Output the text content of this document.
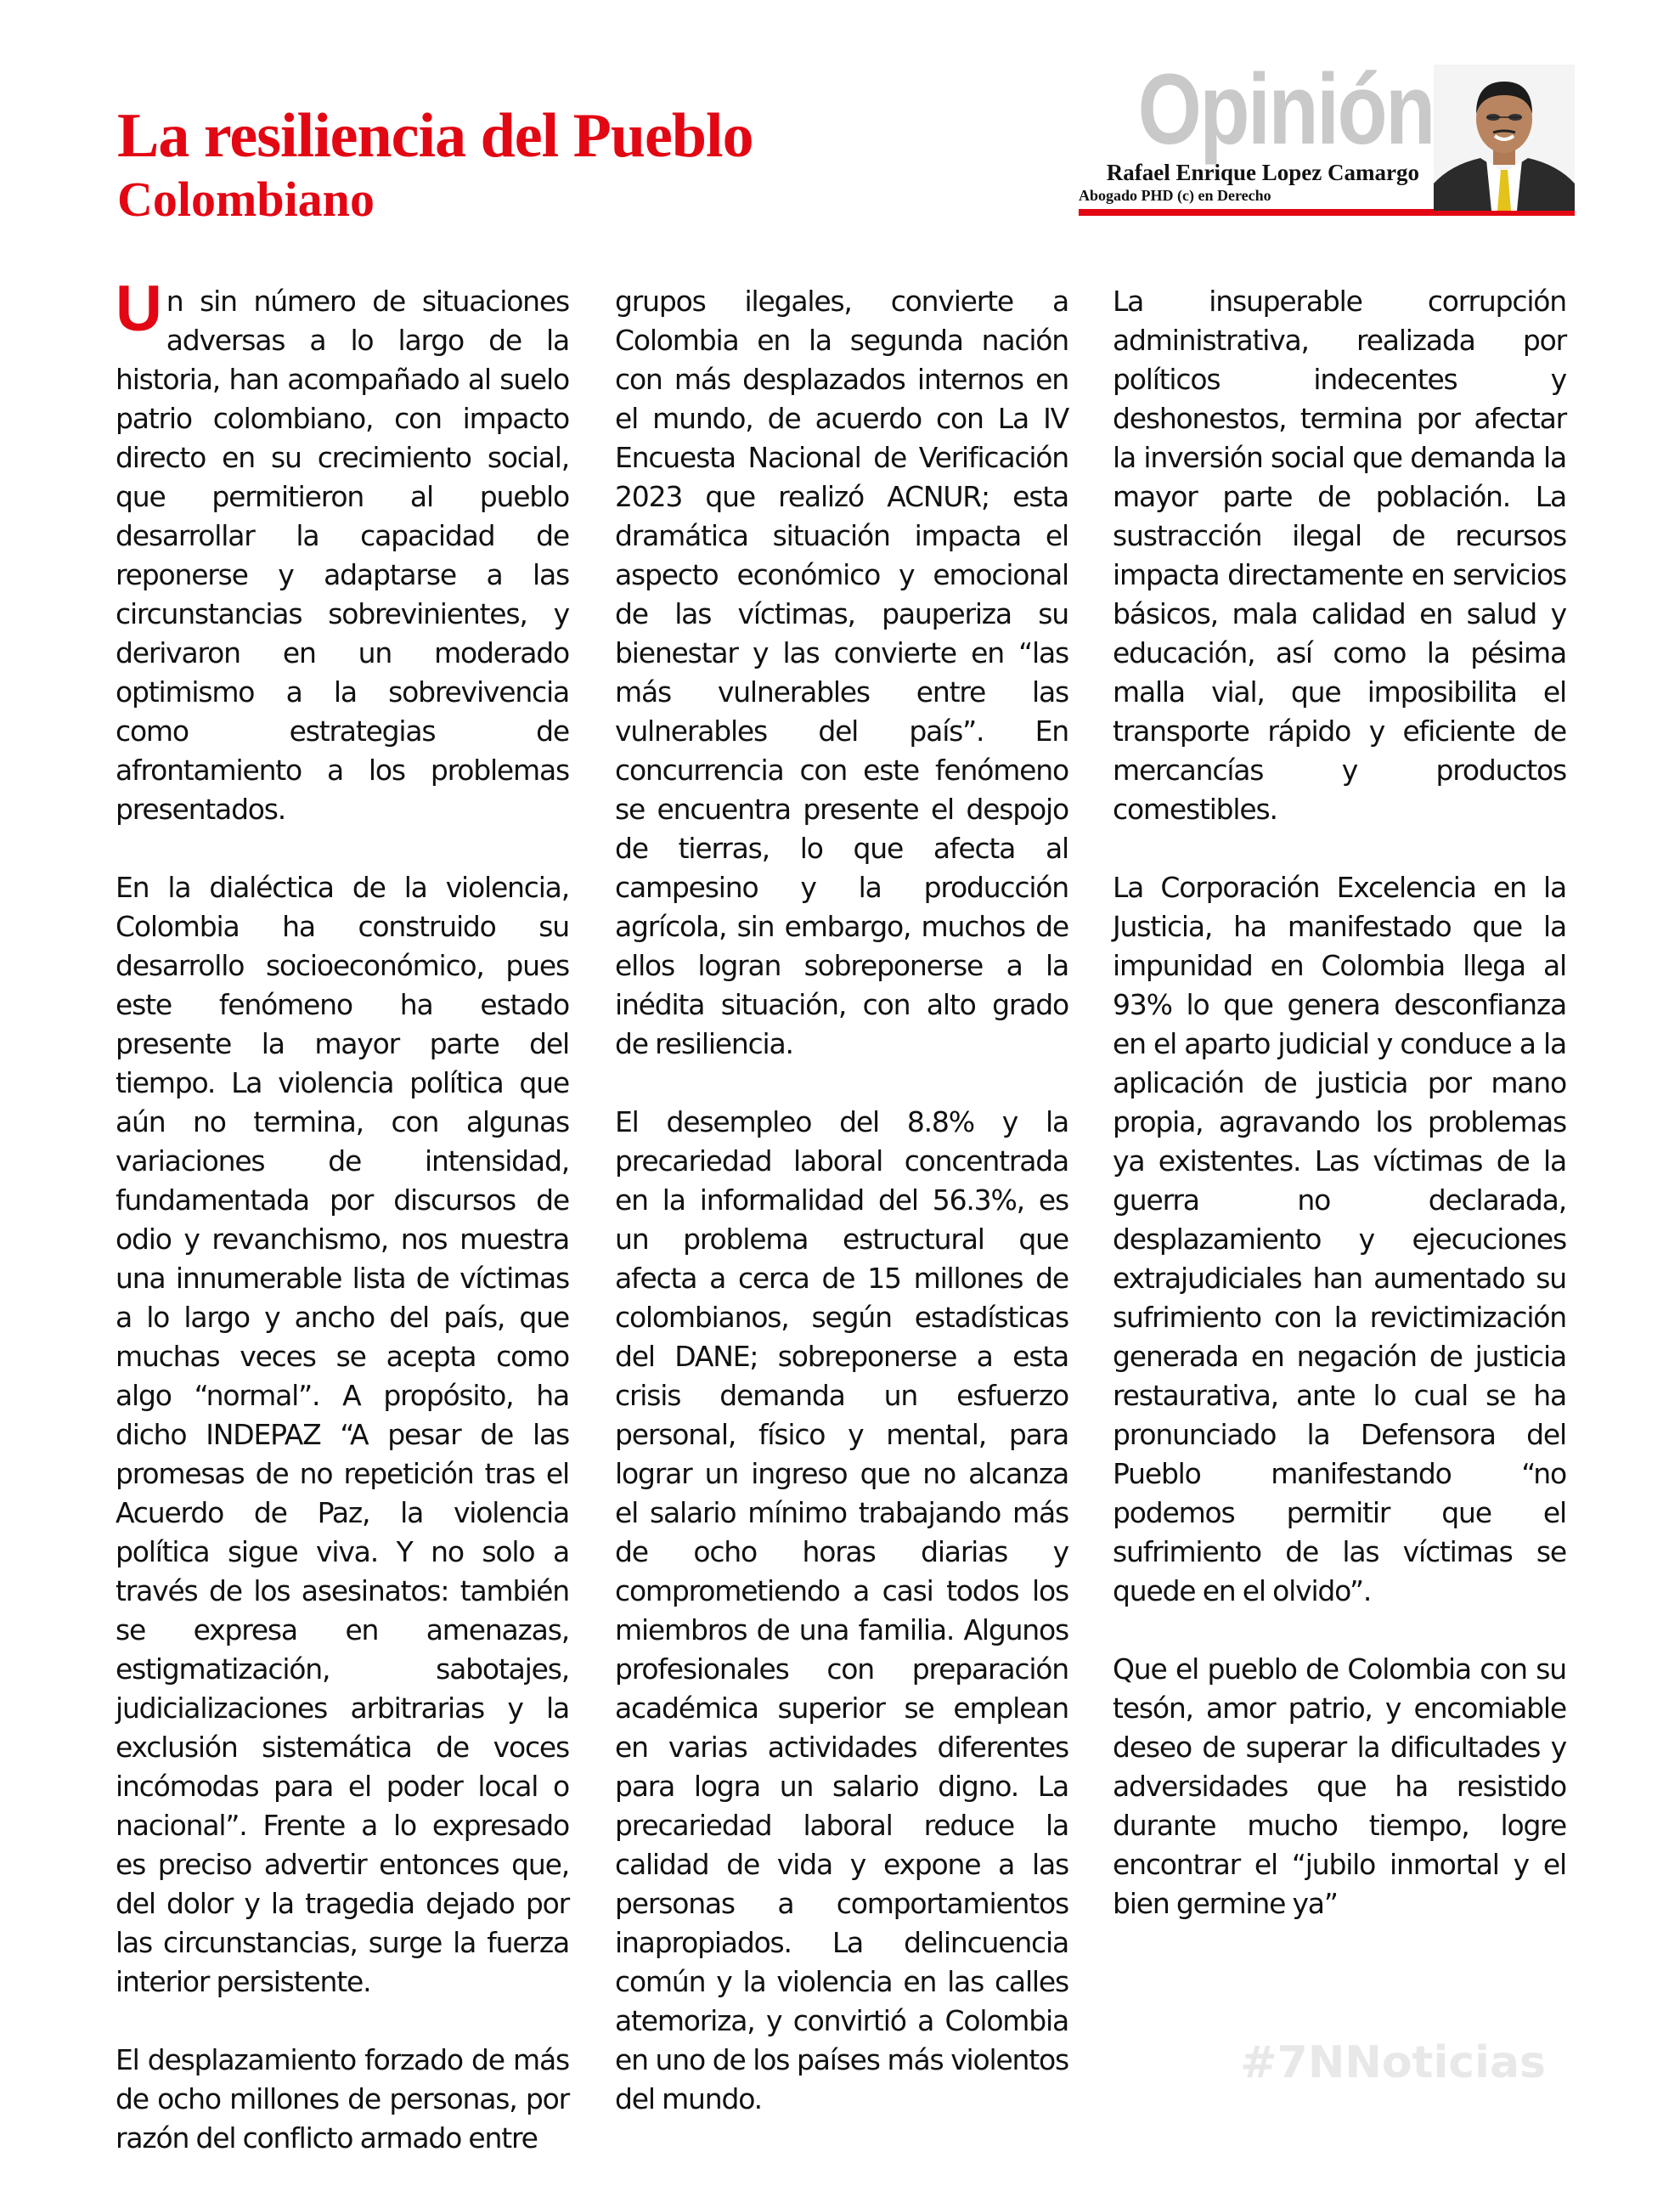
La resiliencia del Pueblo
Colombiano
Opinión
Rafael Enrique Lopez Camargo
Abogado PHD (c) en Derecho

Un sin número de situaciones adversas a lo largo de la historia, han acompañado al suelo patrio colombiano, con impacto directo en su crecimiento social, que permitieron al pueblo desarrollar la capacidad de reponerse y adaptarse a las circunstancias sobrevinientes, y derivaron en un moderado optimismo a la sobrevivencia como estrategias de afrontamiento a los problemas presentados.

En la dialéctica de la violencia, Colombia ha construido su desarrollo socioeconómico, pues este fenómeno ha estado presente la mayor parte del tiempo. La violencia política que aún no termina, con algunas variaciones de intensidad, fundamentada por discursos de odio y revanchismo, nos muestra una innumerable lista de víctimas a lo largo y ancho del país, que muchas veces se acepta como algo “normal”. A propósito, ha dicho INDEPAZ “A pesar de las promesas de no repetición tras el Acuerdo de Paz, la violencia política sigue viva. Y no solo a través de los asesinatos: también se expresa en amenazas, estigmatización, sabotajes, judicializaciones arbitrarias y la exclusión sistemática de voces incómodas para el poder local o nacional”. Frente a lo expresado es preciso advertir entonces que, del dolor y la tragedia dejado por las circunstancias, surge la fuerza interior persistente.

El desplazamiento forzado de más de ocho millones de personas, por razón del conflicto armado entre

grupos ilegales, convierte a Colombia en la segunda nación con más desplazados internos en el mundo, de acuerdo con La IV Encuesta Nacional de Verificación 2023 que realizó ACNUR; esta dramática situación impacta el aspecto económico y emocional de las víctimas, pauperiza su bienestar y las convierte en “las más vulnerables entre las vulnerables del país”. En concurrencia con este fenómeno se encuentra presente el despojo de tierras, lo que afecta al campesino y la producción agrícola, sin embargo, muchos de ellos logran sobreponerse a la inédita situación, con alto grado de resiliencia.

El desempleo del 8.8% y la precariedad laboral concentrada en la informalidad del 56.3%, es un problema estructural que afecta a cerca de 15 millones de colombianos, según estadísticas del DANE; sobreponerse a esta crisis demanda un esfuerzo personal, físico y mental, para lograr un ingreso que no alcanza el salario mínimo trabajando más de ocho horas diarias y comprometiendo a casi todos los miembros de una familia. Algunos profesionales con preparación académica superior se emplean en varias actividades diferentes para logra un salario digno. La precariedad laboral reduce la calidad de vida y expone a las personas a comportamientos inapropiados. La delincuencia común y la violencia en las calles atemoriza, y convirtió a Colombia en uno de los países más violentos del mundo.

La insuperable corrupción administrativa, realizada por políticos indecentes y deshonestos, termina por afectar la inversión social que demanda la mayor parte de población. La sustracción ilegal de recursos impacta directamente en servicios básicos, mala calidad en salud y educación, así como la pésima malla vial, que imposibilita el transporte rápido y eficiente de mercancías y productos comestibles.

La Corporación Excelencia en la Justicia, ha manifestado que la impunidad en Colombia llega al 93% lo que genera desconfianza en el aparto judicial y conduce a la aplicación de justicia por mano propia, agravando los problemas ya existentes. Las víctimas de la guerra no declarada, desplazamiento y ejecuciones extrajudiciales han aumentado su sufrimiento con la revictimización generada en negación de justicia restaurativa, ante lo cual se ha pronunciado la Defensora del Pueblo manifestando “no podemos permitir que el sufrimiento de las víctimas se quede en el olvido”.

Que el pueblo de Colombia con su tesón, amor patrio, y encomiable deseo de superar la dificultades y adversidades que ha resistido durante mucho tiempo, logre encontrar el “jubilo inmortal y el bien germine ya”

#7NNoticias
